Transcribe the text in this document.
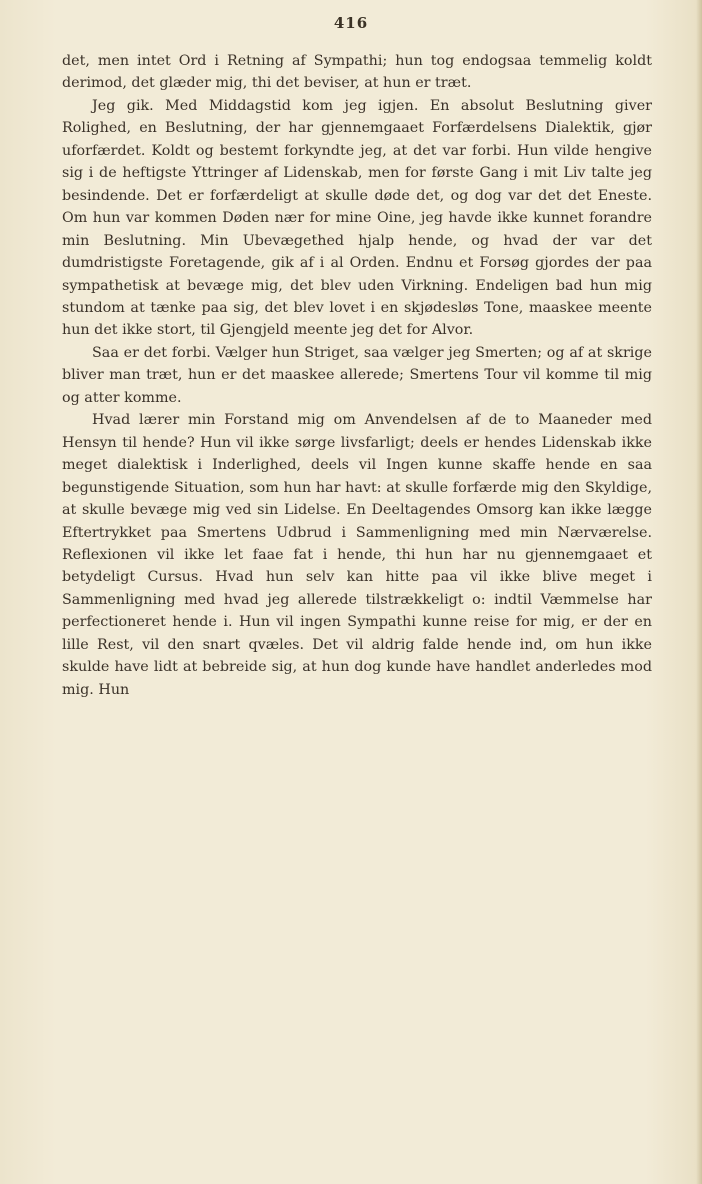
416

det, men intet Ord i Retning af Sympathi; hun tog endogsaa temmelig koldt derimod, det glæder mig, thi det beviser, at hun er træt.

Jeg gik. Med Middagstid kom jeg igjen. En absolut Beslutning giver Rolighed, en Beslutning, der har gjennemgaaet Forfærdelsens Dialektik, gjør uforfærdet. Koldt og bestemt forkyndte jeg, at det var forbi. Hun vilde hengive sig i de heftigste Yttringer af Lidenskab, men for første Gang i mit Liv talte jeg besindende. Det er forfærdeligt at skulle døde det, og dog var det det Eneste. Om hun var kommen Døden nær for mine Oine, jeg havde ikke kunnet forandre min Beslutning. Min Ubevægethed hjalp hende, og hvad der var det dumdristigste Foretagende, gik af i al Orden. Endnu et Forsøg gjordes der paa sympathetisk at bevæge mig, det blev uden Virkning. Endeligen bad hun mig stundom at tænke paa sig, det blev lovet i en skjødesløs Tone, maaskee meente hun det ikke stort, til Gjengjeld meente jeg det for Alvor.

Saa er det forbi. Vælger hun Striget, saa vælger jeg Smerten; og af at skrige bliver man træt, hun er det maaskee allerede; Smertens Tour vil komme til mig og atter komme.

Hvad lærer min Forstand mig om Anvendelsen af de to Maaneder med Hensyn til hende? Hun vil ikke sørge livsfarligt; deels er hendes Lidenskab ikke meget dialektisk i Inderlighed, deels vil Ingen kunne skaffe hende en saa begunstigende Situation, som hun har havt: at skulle forfærde mig den Skyldige, at skulle bevæge mig ved sin Lidelse. En Deeltagendes Omsorg kan ikke lægge Eftertrykket paa Smertens Udbrud i Sammenligning med min Nærværelse. Reflexionen vil ikke let faae fat i hende, thi hun har nu gjennemgaaet et betydeligt Cursus. Hvad hun selv kan hitte paa vil ikke blive meget i Sammenligning med hvad jeg allerede tilstrækkeligt o: indtil Væmmelse har perfectioneret hende i. Hun vil ingen Sympathi kunne reise for mig, er der en lille Rest, vil den snart qvæles. Det vil aldrig falde hende ind, om hun ikke skulde have lidt at bebreide sig, at hun dog kunde have handlet anderledes mod mig. Hun
